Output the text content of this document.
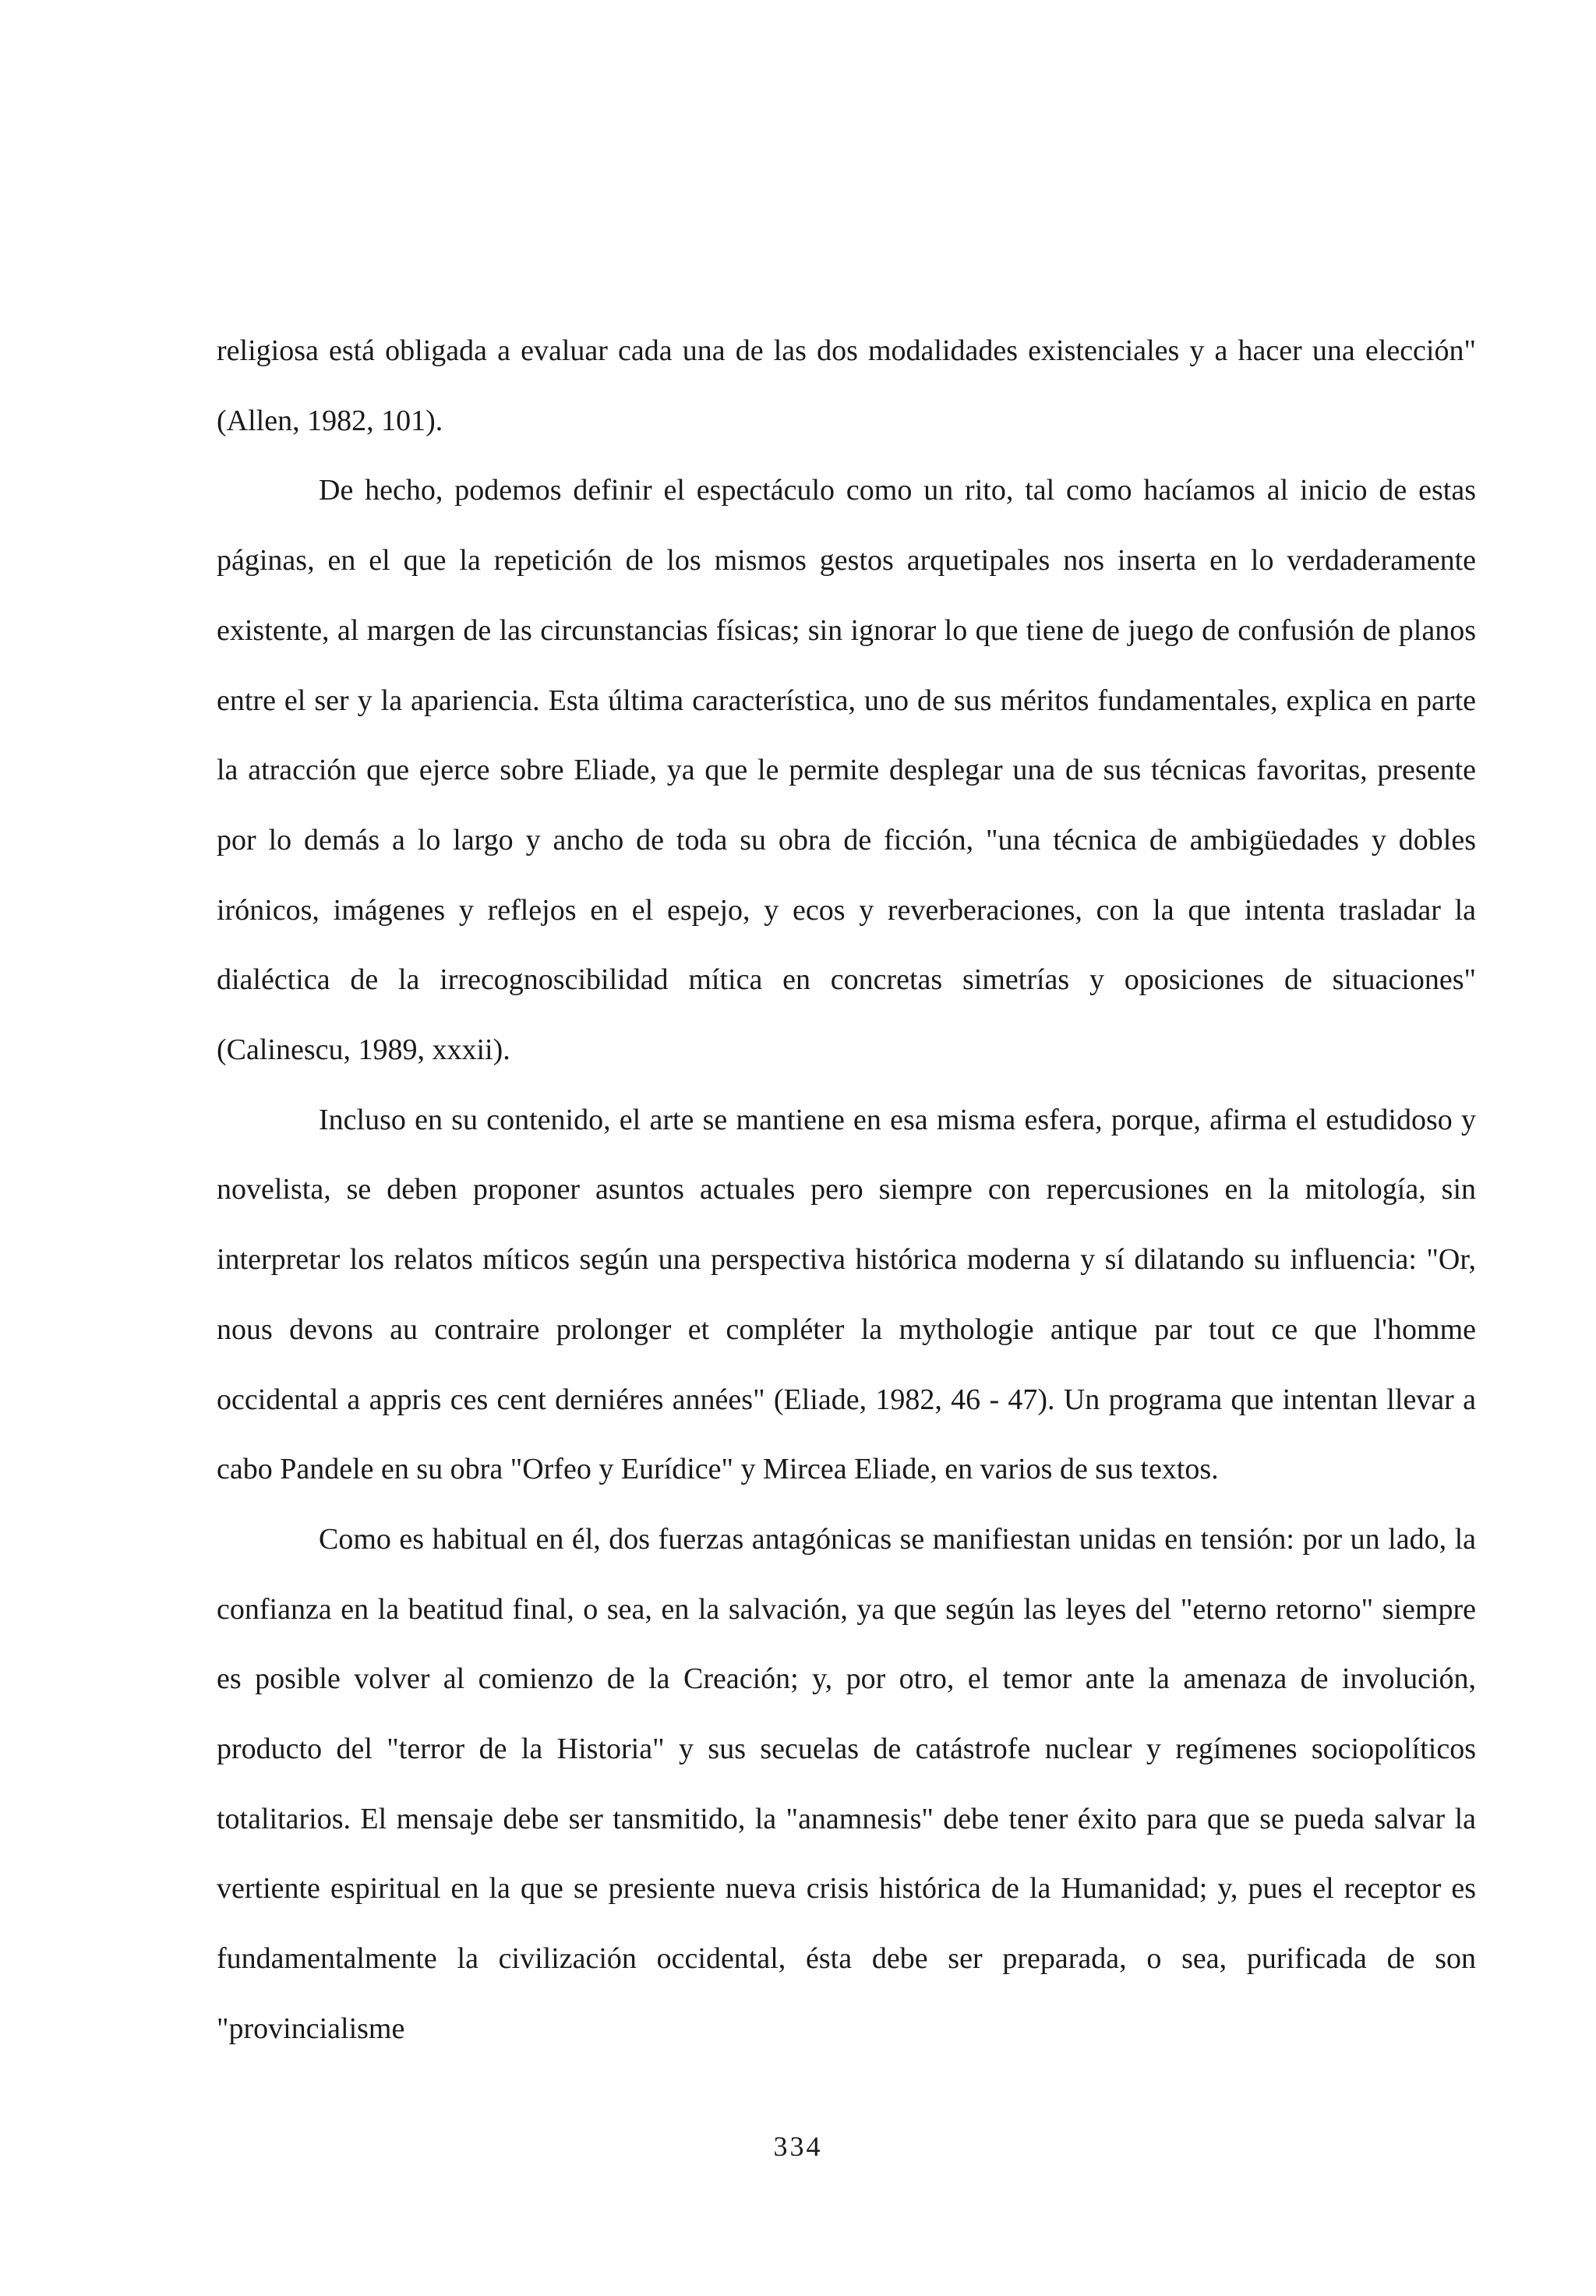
religiosa está obligada a evaluar cada una de las dos modalidades existenciales y a hacer una elección" (Allen, 1982, 101).

De hecho, podemos definir el espectáculo como un rito, tal como hacíamos al inicio de estas páginas, en el que la repetición de los mismos gestos arquetipales nos inserta en lo verdaderamente existente, al margen de las circunstancias físicas; sin ignorar lo que tiene de juego de confusión de planos entre el ser y la apariencia. Esta última característica, uno de sus méritos fundamentales, explica en parte la atracción que ejerce sobre Eliade, ya que le permite desplegar una de sus técnicas favoritas, presente por lo demás a lo largo y ancho de toda su obra de ficción, "una técnica de ambigüedades y dobles irónicos, imágenes y reflejos en el espejo, y ecos y reverberaciones, con la que intenta trasladar la dialéctica de la irrecognoscibilidad mítica en concretas simetrías y oposiciones de situaciones" (Calinescu, 1989, xxxii).

Incluso en su contenido, el arte se mantiene en esa misma esfera, porque, afirma el estudidoso y novelista, se deben proponer asuntos actuales pero siempre con repercusiones en la mitología, sin interpretar los relatos míticos según una perspectiva histórica moderna y sí dilatando su influencia: "Or, nous devons au contraire prolonger et compléter la mythologie antique par tout ce que l'homme occidental a appris ces cent derniéres années" (Eliade, 1982, 46 - 47). Un programa que intentan llevar a cabo Pandele en su obra "Orfeo y Eurídice" y Mircea Eliade, en varios de sus textos.

Como es habitual en él, dos fuerzas antagónicas se manifiestan unidas en tensión: por un lado, la confianza en la beatitud final, o sea, en la salvación, ya que según las leyes del "eterno retorno" siempre es posible volver al comienzo de la Creación; y, por otro, el temor ante la amenaza de involución, producto del "terror de la Historia" y sus secuelas de catástrofe nuclear y regímenes sociopolíticos totalitarios. El mensaje debe ser tansmitido, la "anamnesis" debe tener éxito para que se pueda salvar la vertiente espiritual en la que se presiente nueva crisis histórica de la Humanidad; y, pues el receptor es fundamentalmente la civilización occidental, ésta debe ser preparada, o sea, purificada de son "provincialisme

334
